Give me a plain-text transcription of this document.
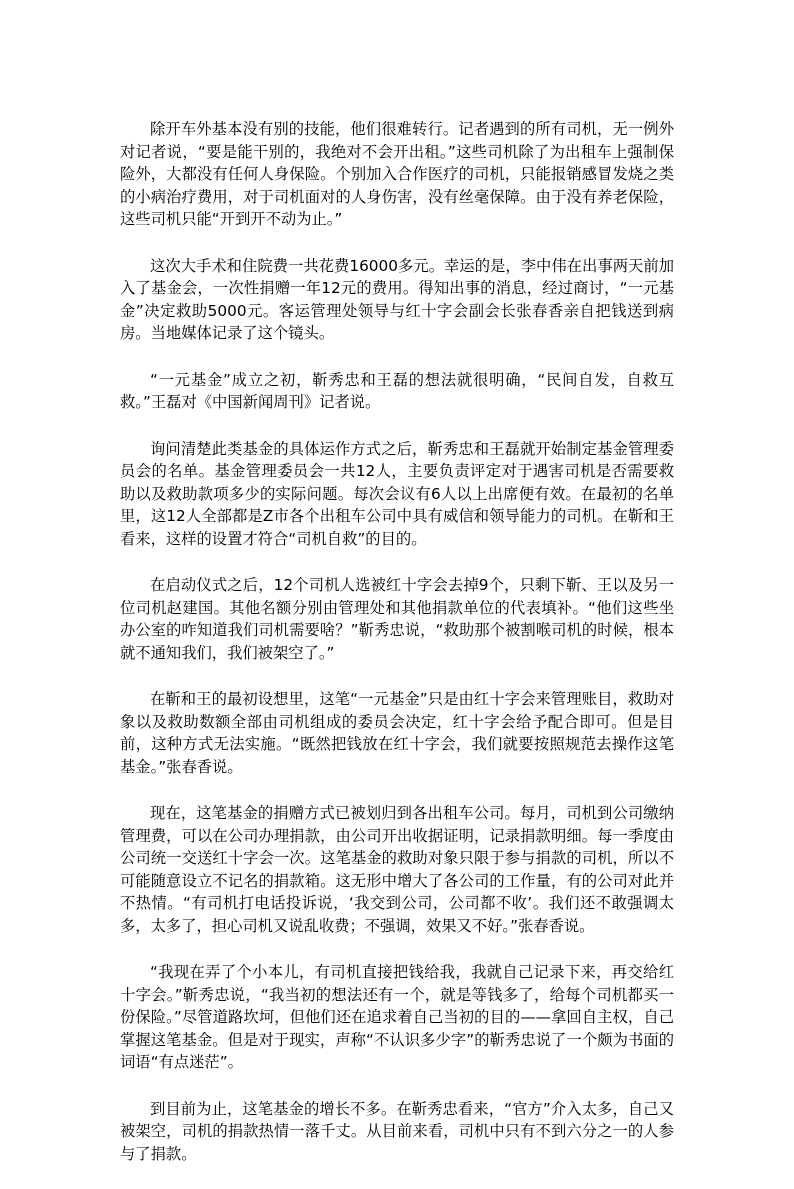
除开车外基本没有别的技能，他们很难转行。记者遇到的所有司机，无一例外对记者说，“要是能干别的，我绝对不会开出租。”这些司机除了为出租车上强制保险外，大都没有任何人身保险。个别加入合作医疗的司机，只能报销感冒发烧之类的小病治疗费用，对于司机面对的人身伤害，没有丝毫保障。由于没有养老保险，这些司机只能“开到开不动为止。”

这次大手术和住院费一共花费16000多元。幸运的是，李中伟在出事两天前加入了基金会，一次性捐赠一年12元的费用。得知出事的消息，经过商讨，“一元基金”决定救助5000元。客运管理处领导与红十字会副会长张春香亲自把钱送到病房。当地媒体记录了这个镜头。

“一元基金”成立之初，靳秀忠和王磊的想法就很明确，“民间自发，自救互救。”王磊对《中国新闻周刊》记者说。

询问清楚此类基金的具体运作方式之后，靳秀忠和王磊就开始制定基金管理委员会的名单。基金管理委员会一共12人，主要负责评定对于遇害司机是否需要救助以及救助款项多少的实际问题。每次会议有6人以上出席便有效。在最初的名单里，这12人全部都是Z市各个出租车公司中具有威信和领导能力的司机。在靳和王看来，这样的设置才符合“司机自救”的目的。

在启动仪式之后，12个司机人选被红十字会去掉9个，只剩下靳、王以及另一位司机赵建国。其他名额分别由管理处和其他捐款单位的代表填补。“他们这些坐办公室的咋知道我们司机需要啥？”靳秀忠说，“救助那个被割喉司机的时候，根本就不通知我们，我们被架空了。”

在靳和王的最初设想里，这笔“一元基金”只是由红十字会来管理账目，救助对象以及救助数额全部由司机组成的委员会决定，红十字会给予配合即可。但是目前，这种方式无法实施。“既然把钱放在红十字会，我们就要按照规范去操作这笔基金。”张春香说。

现在，这笔基金的捐赠方式已被划归到各出租车公司。每月，司机到公司缴纳管理费，可以在公司办理捐款，由公司开出收据证明，记录捐款明细。每一季度由公司统一交送红十字会一次。这笔基金的救助对象只限于参与捐款的司机，所以不可能随意设立不记名的捐款箱。这无形中增大了各公司的工作量，有的公司对此并不热情。“有司机打电话投诉说，‘我交到公司，公司都不收’。我们还不敢强调太多，太多了，担心司机又说乱收费；不强调，效果又不好。”张春香说。

“我现在弄了个小本儿，有司机直接把钱给我，我就自己记录下来，再交给红十字会。”靳秀忠说，“我当初的想法还有一个，就是等钱多了，给每个司机都买一份保险。”尽管道路坎坷，但他们还在追求着自己当初的目的——拿回自主权，自己掌握这笔基金。但是对于现实，声称“不认识多少字”的靳秀忠说了一个颇为书面的词语“有点迷茫”。

到目前为止，这笔基金的增长不多。在靳秀忠看来，“官方”介入太多，自己又被架空，司机的捐款热情一落千丈。从目前来看，司机中只有不到六分之一的人参与了捐款。
